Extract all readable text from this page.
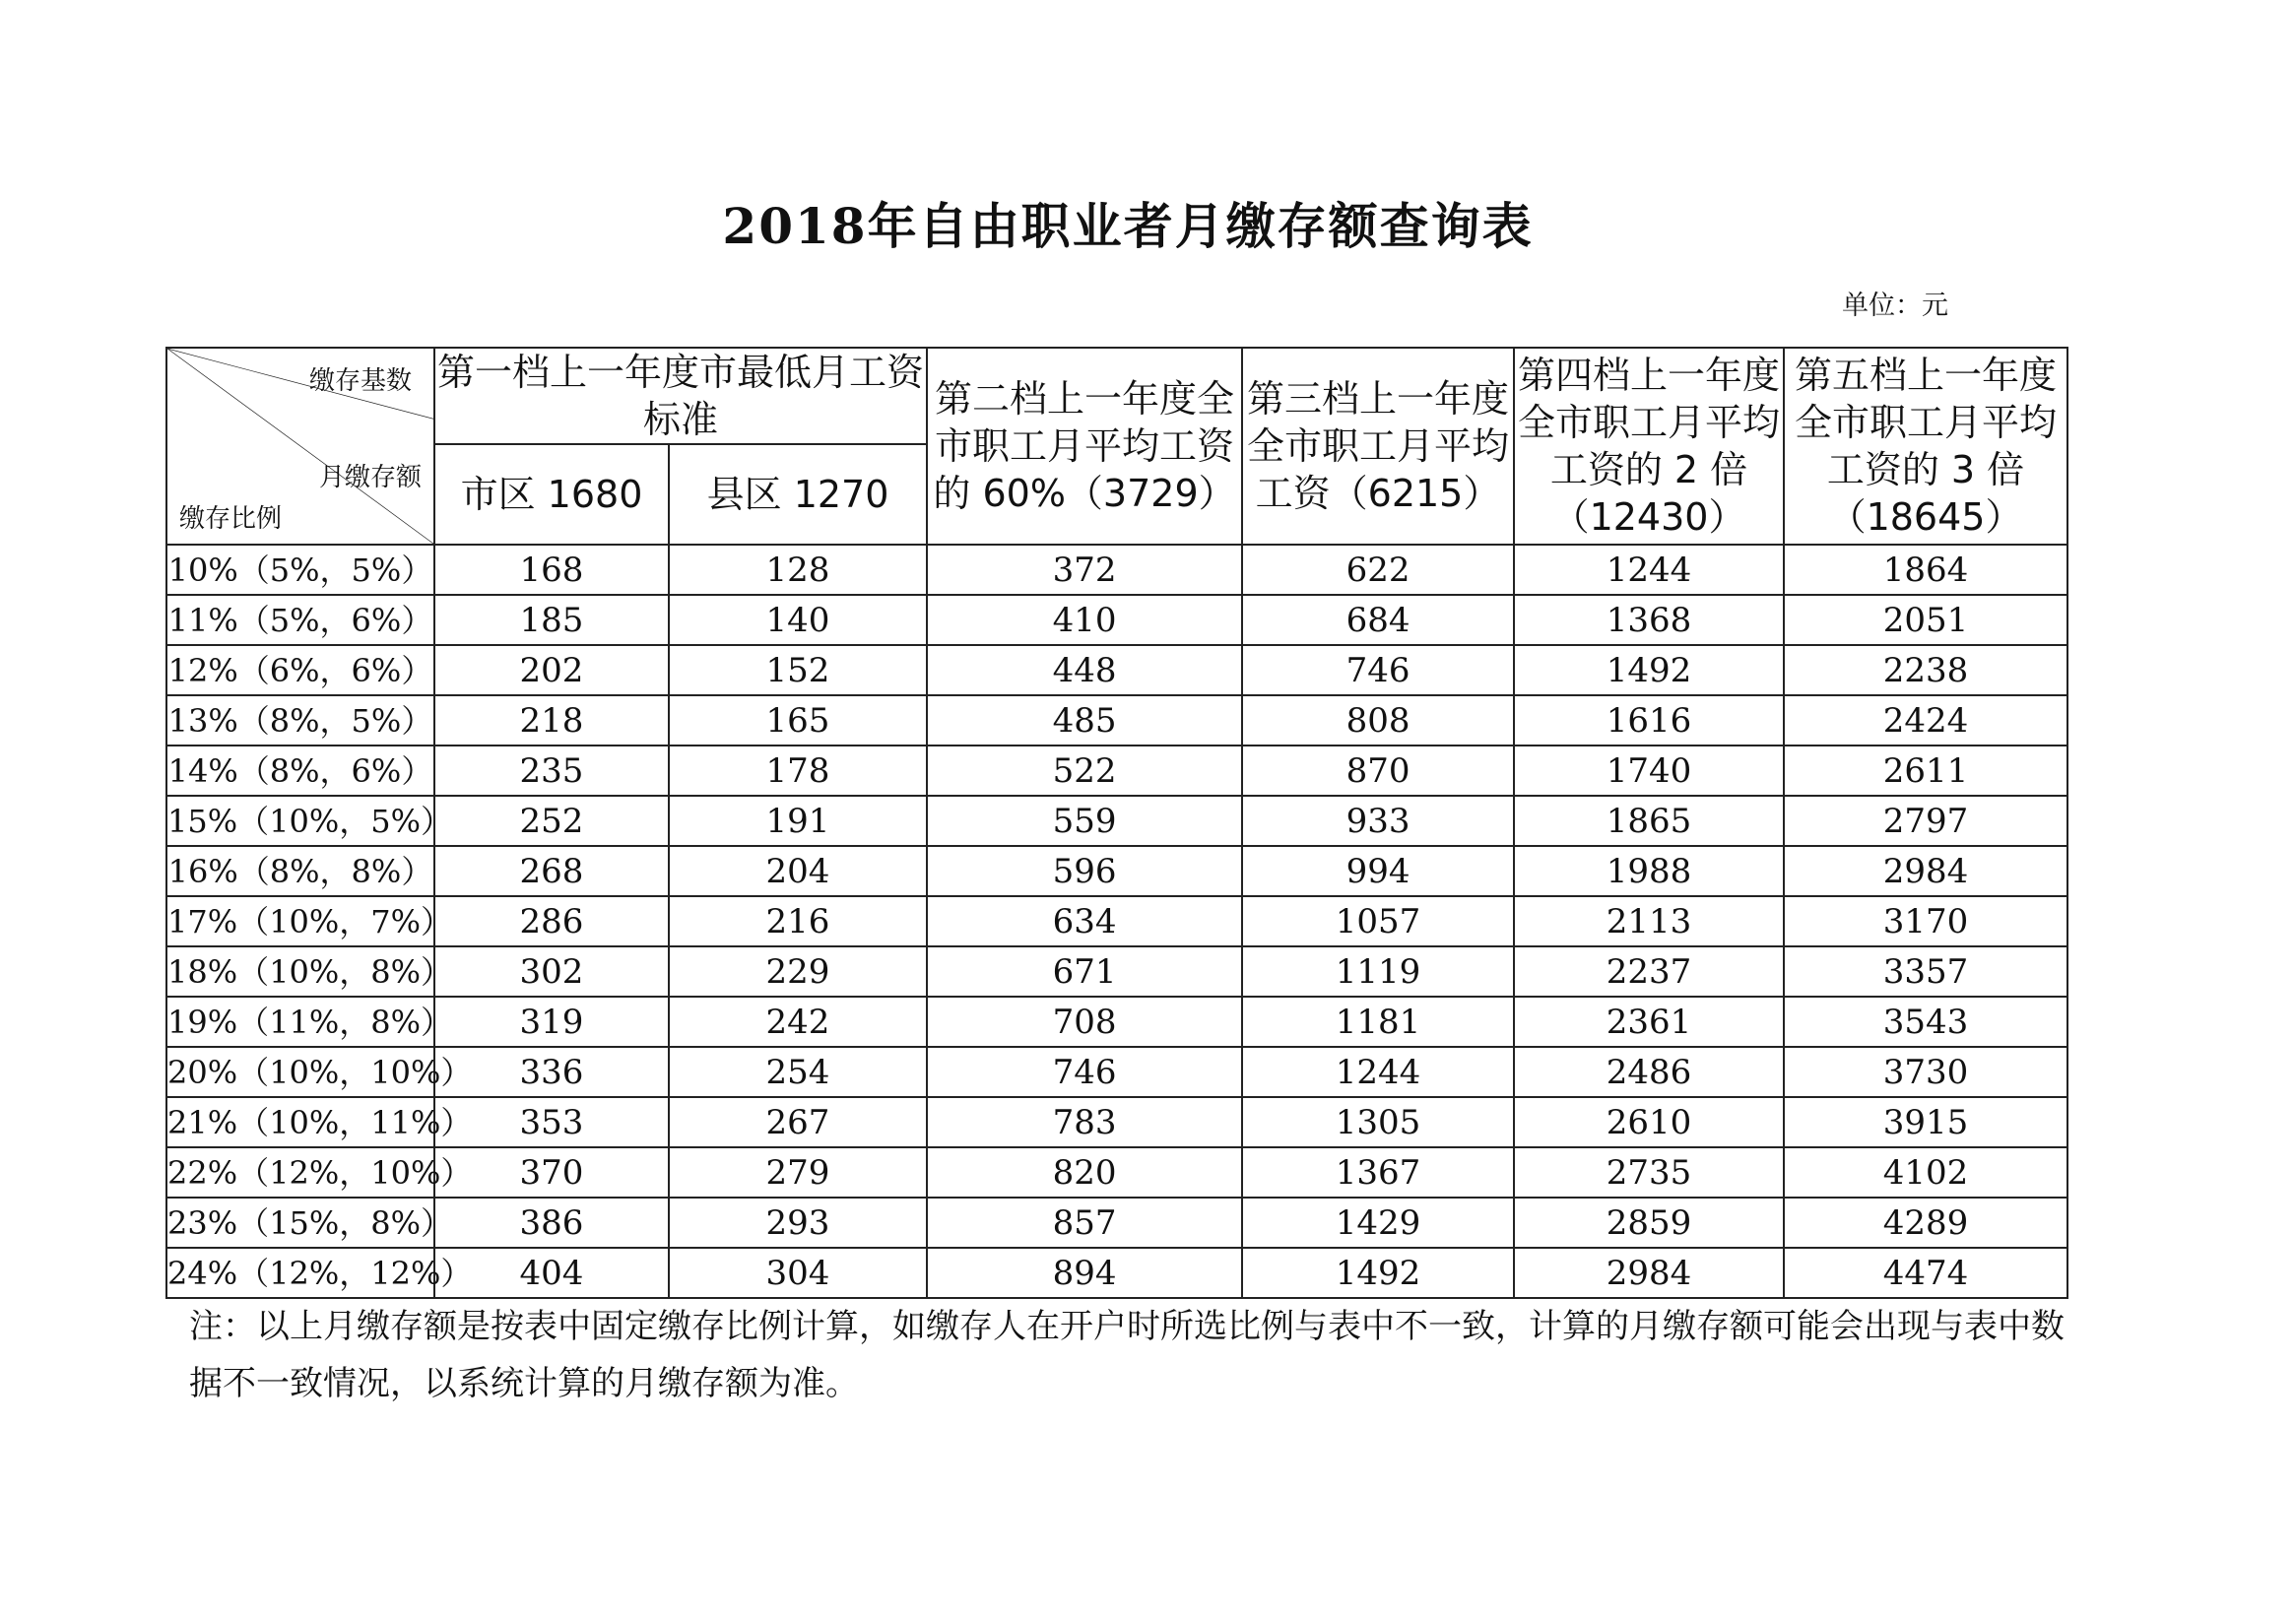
2018年自由职业者月缴存额查询表
单位：元
缴存基数
月缴存额
缴存比例	第一档上一年度市最低月工资标准		第二档上一年度全市职工月平均工资的 60%（3729）	第三档上一年度全市职工月平均工资（6215）	第四档上一年度全市职工月平均工资的 2 倍（12430）	第五档上一年度全市职工月平均工资的 3 倍（18645）
	市区 1680	县区 1270				
10%（5%，5%）	168	128	372	622	1244	1864
11%（5%，6%）	185	140	410	684	1368	2051
12%（6%，6%）	202	152	448	746	1492	2238
13%（8%，5%）	218	165	485	808	1616	2424
14%（8%，6%）	235	178	522	870	1740	2611
15%（10%，5%）	252	191	559	933	1865	2797
16%（8%，8%）	268	204	596	994	1988	2984
17%（10%，7%）	286	216	634	1057	2113	3170
18%（10%，8%）	302	229	671	1119	2237	3357
19%（11%，8%）	319	242	708	1181	2361	3543
20%（10%，10%）	336	254	746	1244	2486	3730
21%（10%，11%）	353	267	783	1305	2610	3915
22%（12%，10%）	370	279	820	1367	2735	4102
23%（15%，8%）	386	293	857	1429	2859	4289
24%（12%，12%）	404	304	894	1492	2984	4474
注：以上月缴存额是按表中固定缴存比例计算，如缴存人在开户时所选比例与表中不一致，计算的月缴存额可能会出现与表中数据不一致情况，以系统计算的月缴存额为准。
